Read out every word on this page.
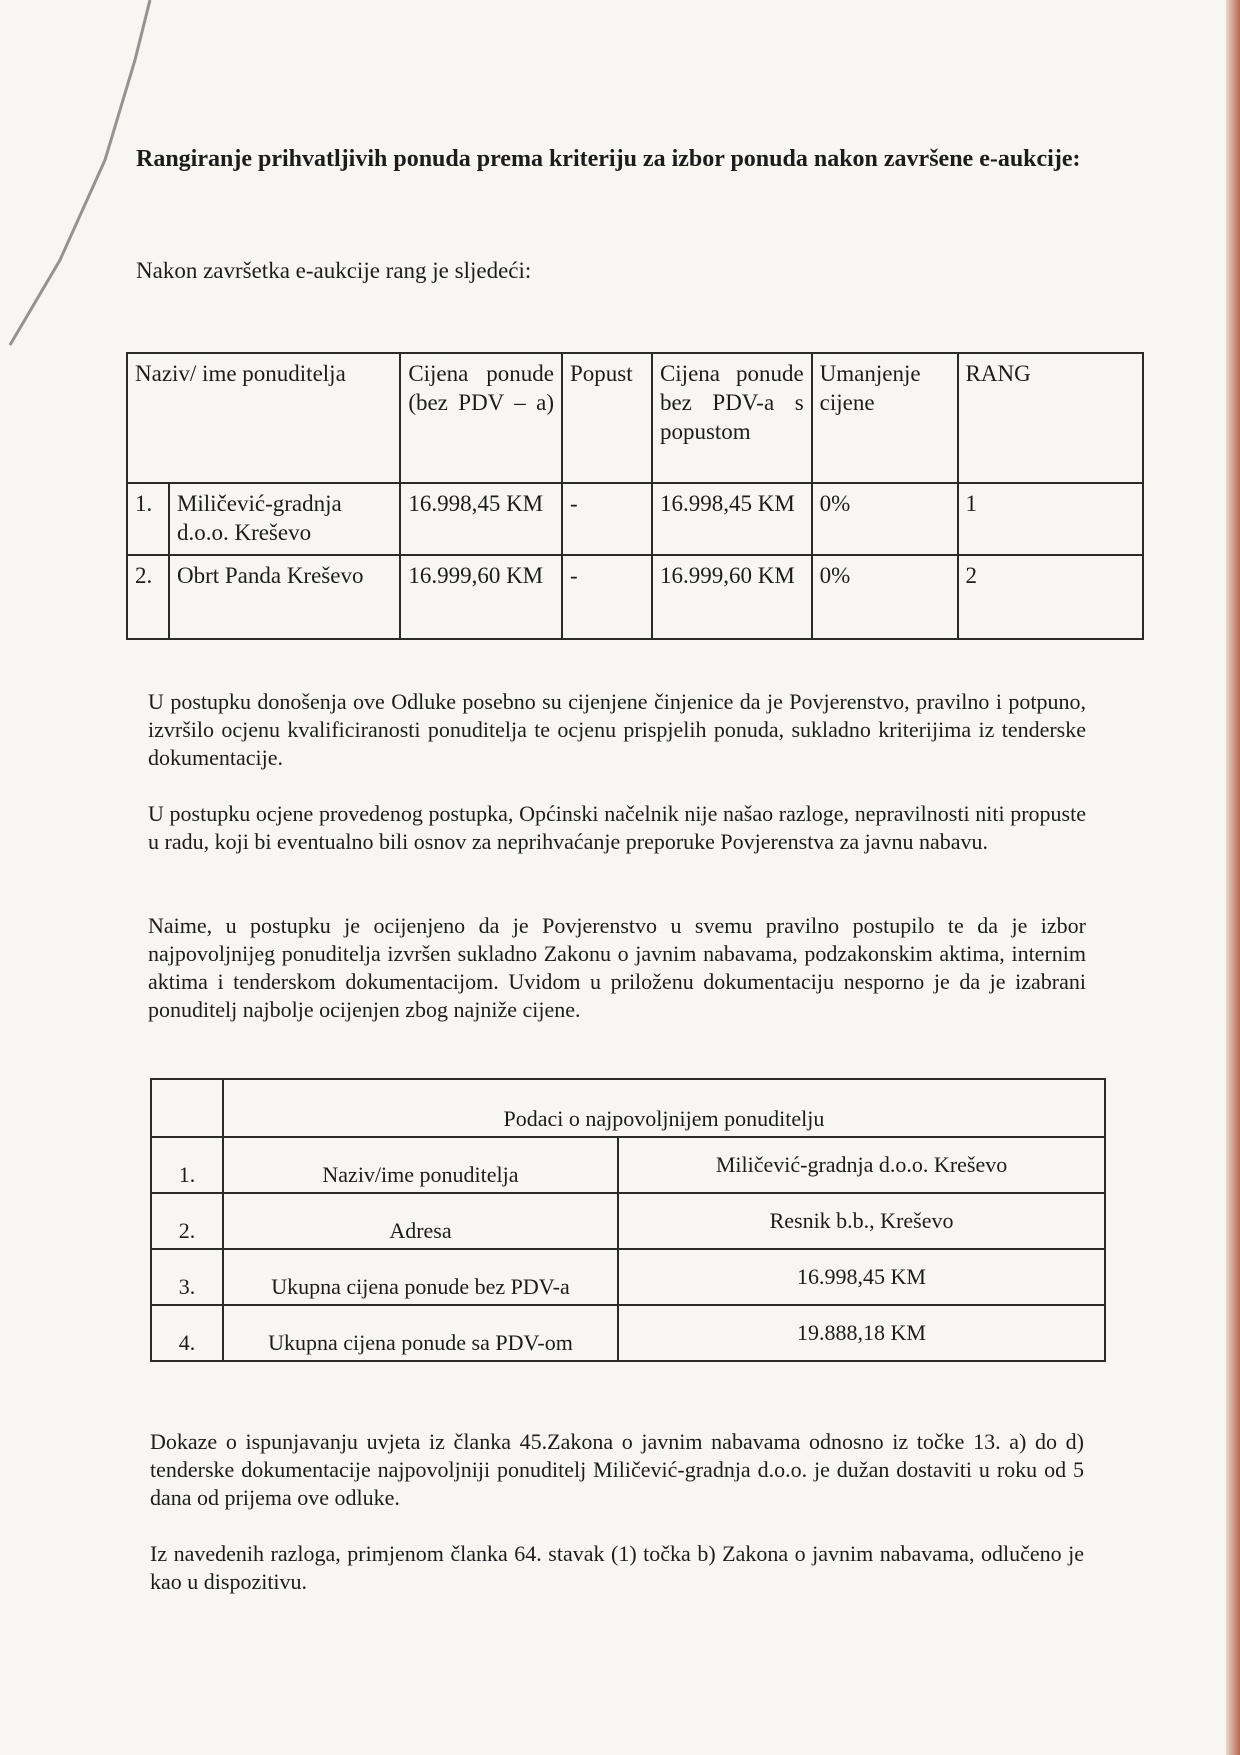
Rangiranje prihvatljivih ponuda prema kriteriju za izbor ponuda nakon završene e-aukcije:
Nakon završetka e-aukcije rang je sljedeći:
Naziv/ ime ponuditelja		Cijena ponude (bez PDV – a)	Popust	Cijena ponude bez PDV-a s popustom	Umanjenje cijene	RANG
1.	Miličević-gradnja d.o.o. Kreševo	16.998,45 KM	-	16.998,45 KM	0%	1
2.	Obrt Panda Kreševo	16.999,60 KM	-	16.999,60 KM	0%	2
U postupku donošenja ove Odluke posebno su cijenjene činjenice da je Povjerenstvo, pravilno i potpuno, izvršilo ocjenu kvalificiranosti ponuditelja te ocjenu prispjelih ponuda, sukladno kriterijima iz tenderske dokumentacije.
U postupku ocjene provedenog postupka, Općinski načelnik nije našao razloge, nepravilnosti niti propuste u radu, koji bi eventualno bili osnov za neprihvaćanje preporuke Povjerenstva za javnu nabavu.
Naime, u postupku je ocijenjeno da je Povjerenstvo u svemu pravilno postupilo te da je izbor najpovoljnijeg ponuditelja izvršen sukladno Zakonu o javnim nabavama, podzakonskim aktima, internim aktima i tenderskom dokumentacijom. Uvidom u priloženu dokumentaciju nesporno je da je izabrani ponuditelj najbolje ocijenjen zbog najniže cijene.
	Podaci o najpovoljnijem ponuditelju	
1.	Naziv/ime ponuditelja	Miličević-gradnja d.o.o. Kreševo
2.	Adresa	Resnik b.b., Kreševo
3.	Ukupna cijena ponude bez PDV-a	16.998,45 KM
4.	Ukupna cijena ponude sa PDV-om	19.888,18 KM
Dokaze o ispunjavanju uvjeta iz članka 45.Zakona o javnim nabavama odnosno iz točke 13. a) do d) tenderske dokumentacije najpovoljniji ponuditelj Miličević-gradnja d.o.o. je dužan dostaviti u roku od 5 dana od prijema ove odluke.
Iz navedenih razloga, primjenom članka 64. stavak (1) točka b) Zakona o javnim nabavama, odlučeno je kao u dispozitivu.
